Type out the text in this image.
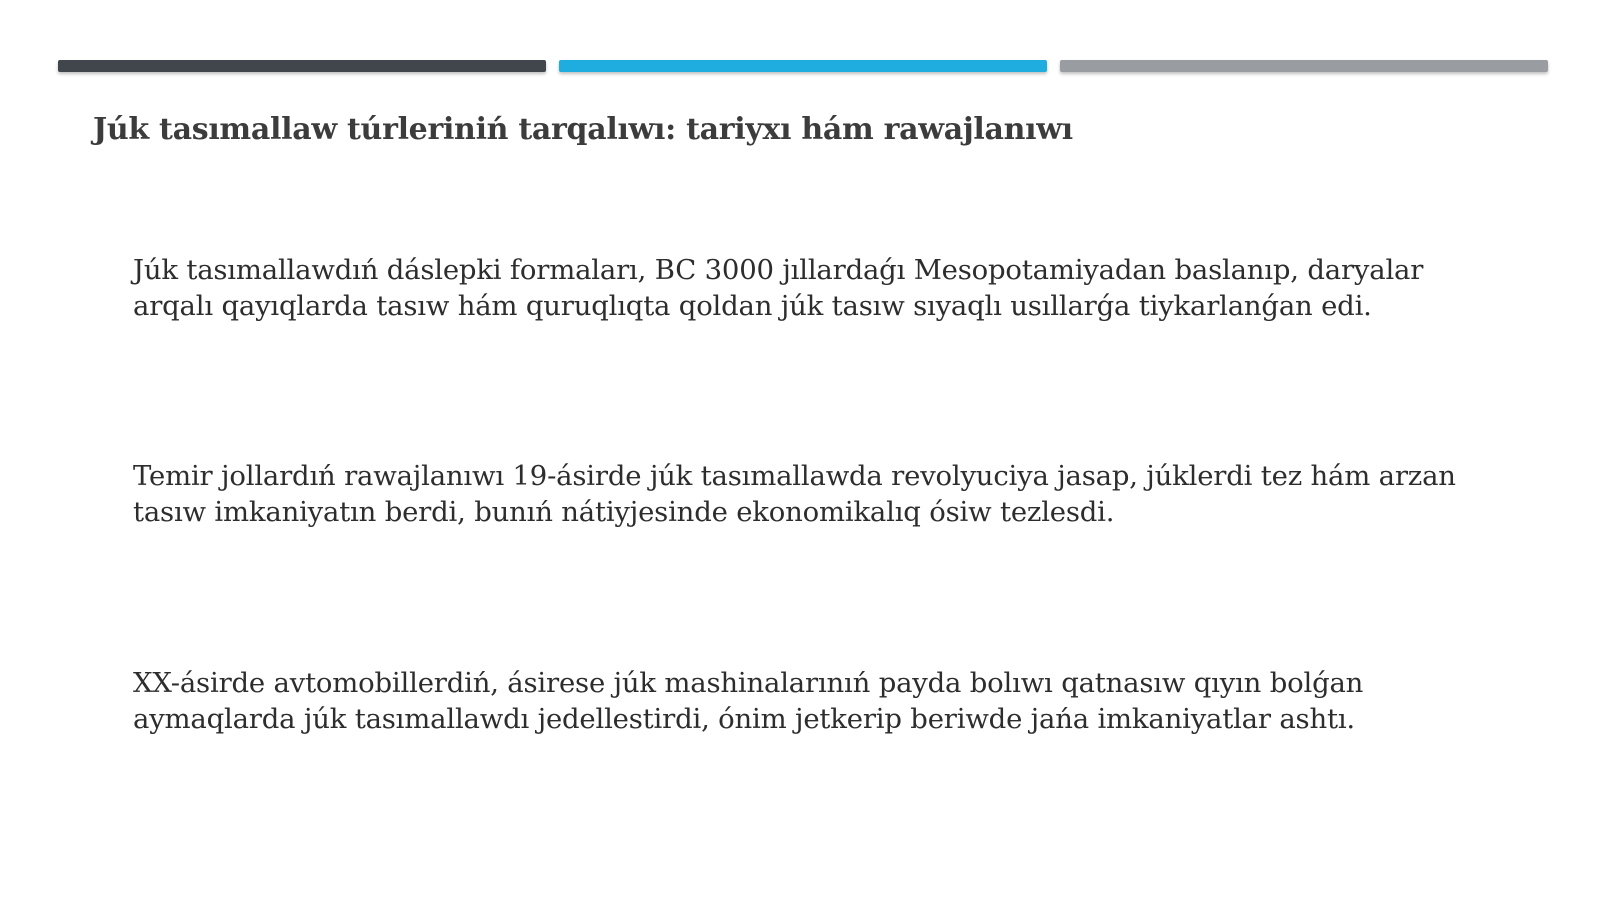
Júk tasımallaw túrleriniń tarqalıwı: tariyxı hám rawajlanıwı

Júk tasımallawdıń dáslepki formaları, BC 3000 jıllardaǵı Mesopotamiyadan baslanıp, daryalar arqalı qayıqlarda tasıw hám quruqlıqta qoldan júk tasıw sıyaqlı usıllarǵa tiykarlanǵan edi.

Temir jollardıń rawajlanıwı 19-ásirde júk tasımallawda revolyuciya jasap, júklerdi tez hám arzan tasıw imkaniyatın berdi, bunıń nátiyjesinde ekonomikalıq ósiw tezlesdi.

XX-ásirde avtomobillerdiń, ásirese júk mashinalarınıń payda bolıwı qatnasıw qıyın bolǵan aymaqlarda júk tasımallawdı jedellestirdi, ónim jetkerip beriwde jańa imkaniyatlar ashtı.
